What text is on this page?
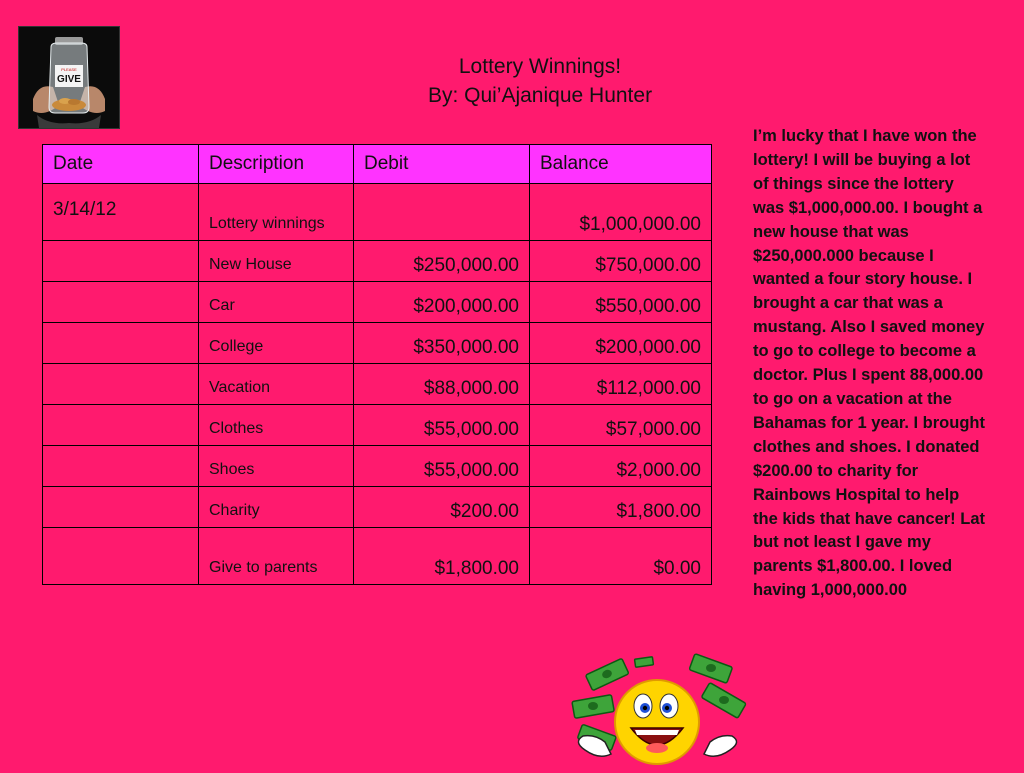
PLEASE
GIVE
Lottery Winnings!
By: Qui’Ajanique Hunter
Date	Description	Debit	Balance
3/14/12	Lottery winnings		$1,000,000.00
	New House	$250,000.00	$750,000.00
	Car	$200,000.00	$550,000.00
	College	$350,000.00	$200,000.00
	Vacation	$88,000.00	$112,000.00
	Clothes	$55,000.00	$57,000.00
	Shoes	$55,000.00	$2,000.00
	Charity	$200.00	$1,800.00
	Give to parents	$1,800.00	$0.00
I’m lucky that I have won the lottery! I will be buying a lot of things since the lottery was $1,000,000.00. I bought a new house that was $250,000.000 because I wanted a four story house. I brought a car that was a mustang. Also I saved money to go to college to become a doctor. Plus I spent 88,000.00 to go on a vacation at the Bahamas for 1 year. I brought clothes and shoes. I donated $200.00 to charity for Rainbows Hospital to help the kids that have cancer! Lat but not least I gave my parents $1,800.00. I loved having 1,000,000.00
